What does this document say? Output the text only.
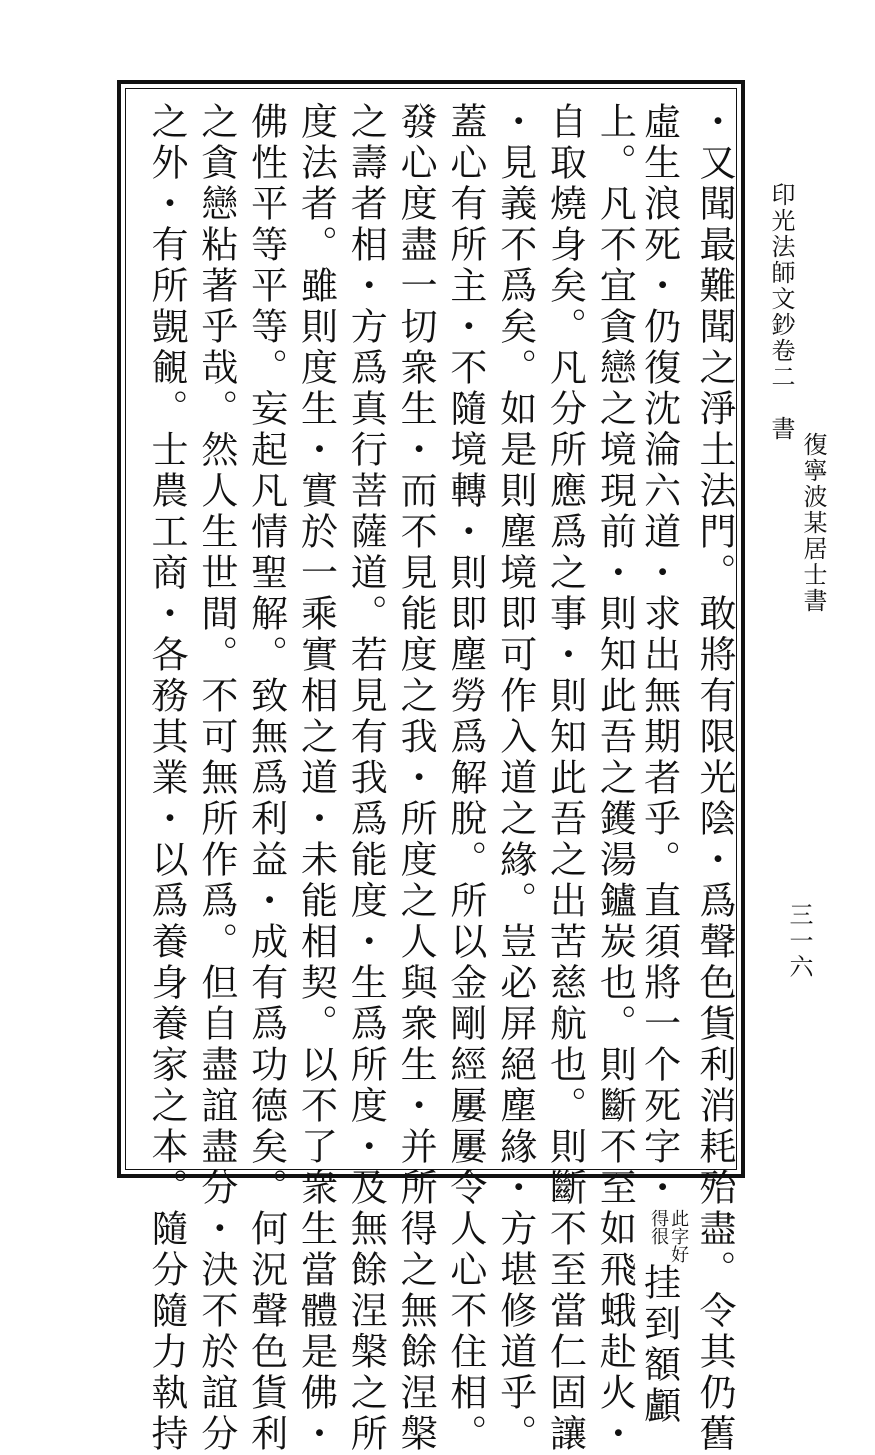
印光法師文鈔卷二　書
復寧波某居士書
三一六
・又聞最難聞之淨土法門。敢將有限光陰・爲聲色貨利消耗殆盡。令其仍舊
虛生浪死・仍復沈淪六道・求出無期者乎。直須將一个死字・
此字好
得很
挂到額顱
上。凡不宜貪戀之境現前・則知此吾之鑊湯鑪炭也。則斷不至如飛蛾赴火・
自取燒身矣。凡分所應爲之事・則知此吾之出苦慈航也。則斷不至當仁固讓
・見義不爲矣。如是則塵境即可作入道之緣。豈必屏絕塵緣・方堪修道乎。
蓋心有所主・不隨境轉・則即塵勞爲解脫。所以金剛經屢屢令人心不住相。
發心度盡一切衆生・而不見能度之我・所度之人與衆生・并所得之無餘涅槃
之壽者相・方爲真行菩薩道。若見有我爲能度・生爲所度・及無餘涅槃之所
度法者。雖則度生・實於一乘實相之道・未能相契。以不了衆生當體是佛・
佛性平等平等。妄起凡情聖解。致無爲利益・成有爲功德矣。何況聲色貨利
之貪戀粘著乎哉。然人生世間。不可無所作爲。但自盡誼盡分・決不於誼分
之外・有所覬覦。士農工商・各務其業・以爲養身養家之本。隨分隨力執持
